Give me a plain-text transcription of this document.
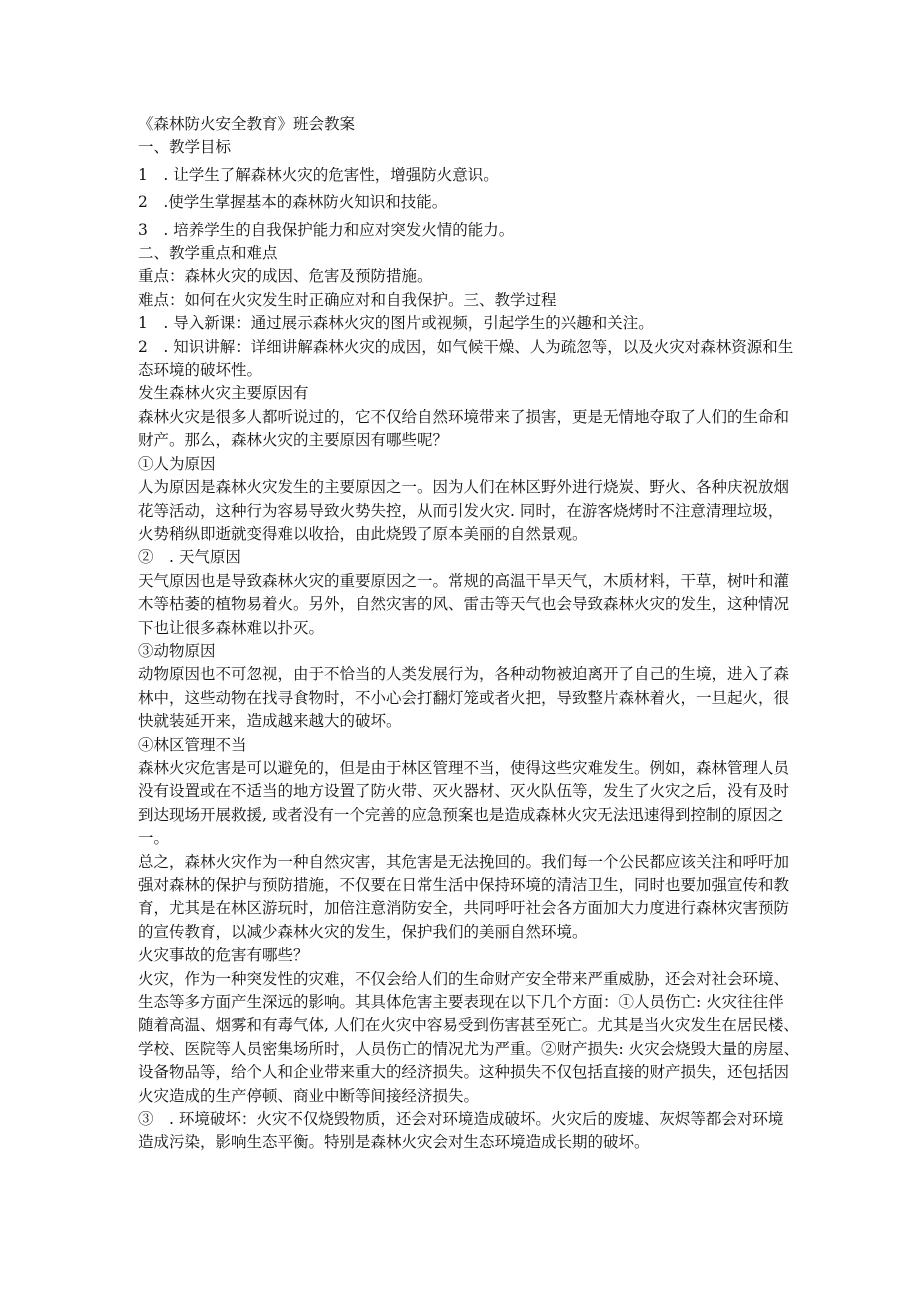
《森林防火安全教育》班会教案
一、教学目标
1　. 让学生了解森林火灾的危害性，增强防火意识。
2　.使学生掌握基本的森林防火知识和技能。
3　. 培养学生的自我保护能力和应对突发火情的能力。
二、教学重点和难点
重点：森林火灾的成因、危害及预防措施。
难点：如何在火灾发生时正确应对和自我保护。三、教学过程
1　. 导入新课：通过展示森林火灾的图片或视频，引起学生的兴趣和关注。
2　. 知识讲解：详细讲解森林火灾的成因，如气候干燥、人为疏忽等，以及火灾对森林资源和生
态环境的破坏性。
发生森林火灾主要原因有
森林火灾是很多人都听说过的，它不仅给自然环境带来了损害，更是无情地夺取了人们的生命和
财产。那么，森林火灾的主要原因有哪些呢？
①人为原因
人为原因是森林火灾发生的主要原因之一。因为人们在林区野外进行烧炭、野火、各种庆祝放烟
花等活动，这种行为容易导致火势失控，从而引发火灾. 同时，在游客烧烤时不注意清理垃圾，
火势稍纵即逝就变得难以收拾，由此烧毁了原本美丽的自然景观。
②　. 天气原因
天气原因也是导致森林火灾的重要原因之一。常规的高温干旱天气，木质材料，干草，树叶和灌
木等枯萎的植物易着火。另外，自然灾害的风、雷击等天气也会导致森林火灾的发生，这种情况
下也让很多森林难以扑灭。
③动物原因
动物原因也不可忽视，由于不恰当的人类发展行为，各种动物被迫离开了自己的生境，进入了森
林中，这些动物在找寻食物时，不小心会打翻灯笼或者火把，导致整片森林着火，一旦起火，很
快就装延开来，造成越来越大的破坏。
④林区管理不当
森林火灾危害是可以避免的，但是由于林区管理不当，使得这些灾难发生。例如，森林管理人员
没有设置或在不适当的地方设置了防火带、灭火器材、灭火队伍等，发生了火灾之后，没有及时
到达现场开展救援, 或者没有一个完善的应急预案也是造成森林火灾无法迅速得到控制的原因之
一。
总之，森林火灾作为一种自然灾害，其危害是无法挽回的。我们每一个公民都应该关注和呼吁加
强对森林的保护与预防措施，不仅要在日常生活中保持环境的清洁卫生，同时也要加强宣传和教
育，尤其是在林区游玩时，加倍注意消防安全，共同呼吁社会各方面加大力度进行森林灾害预防
的宣传教育，以减少森林火灾的发生，保护我们的美丽自然环境。
火灾事故的危害有哪些？
火灾，作为一种突发性的灾难，不仅会给人们的生命财产安全带来严重威胁，还会对社会环境、
生态等多方面产生深远的影响。其具体危害主要表现在以下几个方面：①人员伤亡: 火灾往往伴
随着高温、烟雾和有毒气体, 人们在火灾中容易受到伤害甚至死亡。尤其是当火灾发生在居民楼、
学校、医院等人员密集场所时，人员伤亡的情况尤为严重。②财产损失: 火灾会烧毁大量的房屋、
设备物品等，给个人和企业带来重大的经济损失。这种损失不仅包括直接的财产损失，还包括因
火灾造成的生产停顿、商业中断等间接经济损失。
③　. 环境破坏：火灾不仅烧毁物质，还会对环境造成破坏。火灾后的废墟、灰烬等都会对环境
造成污染，影响生态平衡。特别是森林火灾会对生态环境造成长期的破坏。
